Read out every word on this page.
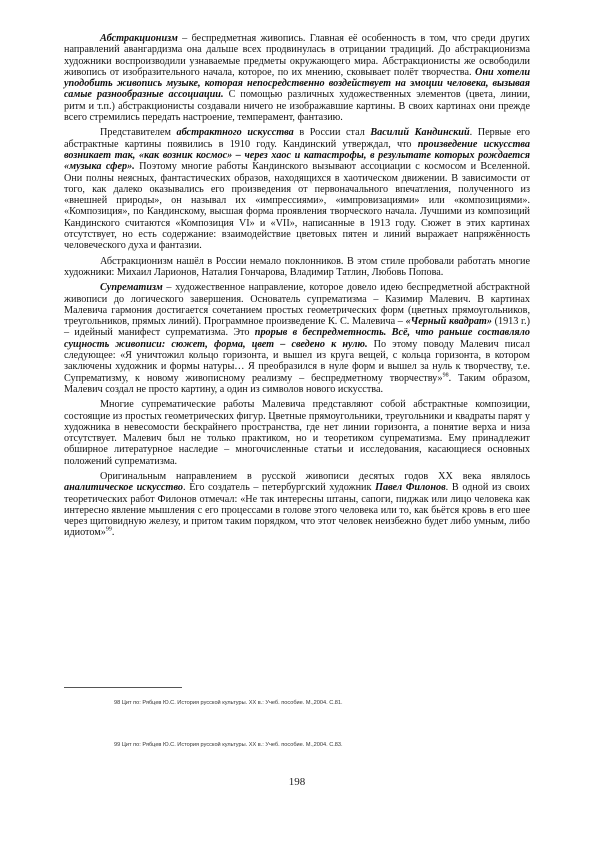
Абстракционизм – беспредметная живопись. Главная её особенность в том, что среди других направлений авангардизма она дальше всех продвинулась в отрицании традиций. До абстракционизма художники воспроизводили узнаваемые предметы окружающего мира. Абстракционисты же освободили живопись от изобразительного начала, которое, по их мнению, сковывает полёт творчества. Они хотели уподобить живопись музыке, которая непосредственно воздействует на эмоции человека, вызывая самые разнообразные ассоциации. С помощью различных художественных элементов (цвета, линии, ритм и т.п.) абстракционисты создавали ничего не изображавшие картины. В своих картинах они прежде всего стремились передать настроение, темперамент, фантазию.

Представителем абстрактного искусства в России стал Василий Кандинский. Первые его абстрактные картины появились в 1910 году. Кандинский утверждал, что произведение искусства возникает так, «как возник космос» – через хаос и катастрофы, в результате которых рождается «музыка сфер». Поэтому многие работы Кандинского вызывают ассоциации с космосом и Вселенной. Они полны неясных, фантастических образов, находящихся в хаотическом движении. В зависимости от того, как далеко оказывались его произведения от первоначального впечатления, полученного из «внешней природы», он называл их «импрессиями», «импровизациями» или «композициями». «Композиция», по Кандинскому, высшая форма проявления творческого начала. Лучшими из композиций Кандинского считаются «Композиция VI» и «VII», написанные в 1913 году. Сюжет в этих картинах отсутствует, но есть содержание: взаимодействие цветовых пятен и линий выражает напряжённость человеческого духа и фантазии.

Абстракционизм нашёл в России немало поклонников. В этом стиле пробовали работать многие художники: Михаил Ларионов, Наталия Гончарова, Владимир Татлин, Любовь Попова.

Супрематизм – художественное направление, которое довело идею беспредметной абстрактной живописи до логического завершения. Основатель супрематизма – Казимир Малевич. В картинах Малевича гармония достигается сочетанием простых геометрических форм (цветных прямоугольников, треугольников, прямых линий). Программное произведение К. С. Малевича – «Черный квадрат» (1913 г.) – идейный манифест супрематизма. Это прорыв в беспредметность. Всё, что раньше составляло сущность живописи: сюжет, форма, цвет – сведено к нулю. По этому поводу Малевич писал следующее: «Я уничтожил кольцо горизонта, и вышел из круга вещей, с кольца горизонта, в котором заключены художник и формы натуры… Я преобразился в нуле форм и вышел за нуль к творчеству, т.е. Супрематизму, к новому живописному реализму – беспредметному творчеству»$^{98}$. Таким образом, Малевич создал не просто картину, а один из символов нового искусства.

Многие супрематические работы Малевича представляют собой абстрактные композиции, состоящие из простых геометрических фигур. Цветные прямоугольники, треугольники и квадраты парят у художника в невесомости бескрайнего пространства, где нет линии горизонта, а понятие верха и низа отсутствует. Малевич был не только практиком, но и теоретиком супрематизма. Ему принадлежит обширное литературное наследие – многочисленные статьи и исследования, касающиеся основных положений супрематизма.

Оригинальным направлением в русской живописи десятых годов ХХ века являлось аналитическое искусство. Его создатель – петербургский художник Павел Филонов. В одной из своих теоретических работ Филонов отмечал: «Не так интересны штаны, сапоги, пиджак или лицо человека как интересно явление мышления с его процессами в голове этого человека или то, как бьётся кровь в его шее через щитовидную железу, и притом таким порядком, что этот человек неизбежно будет либо умным, либо идиотом»$^{99}$.

98 Цит по: Рябцев Ю.С. История русской культуры. ХХ в.: Учеб. пособие. М.,2004. С.81.
99 Цит по: Рябцев Ю.С. История русской культуры. ХХ в.: Учеб. пособие. М.,2004. С.83.
198
